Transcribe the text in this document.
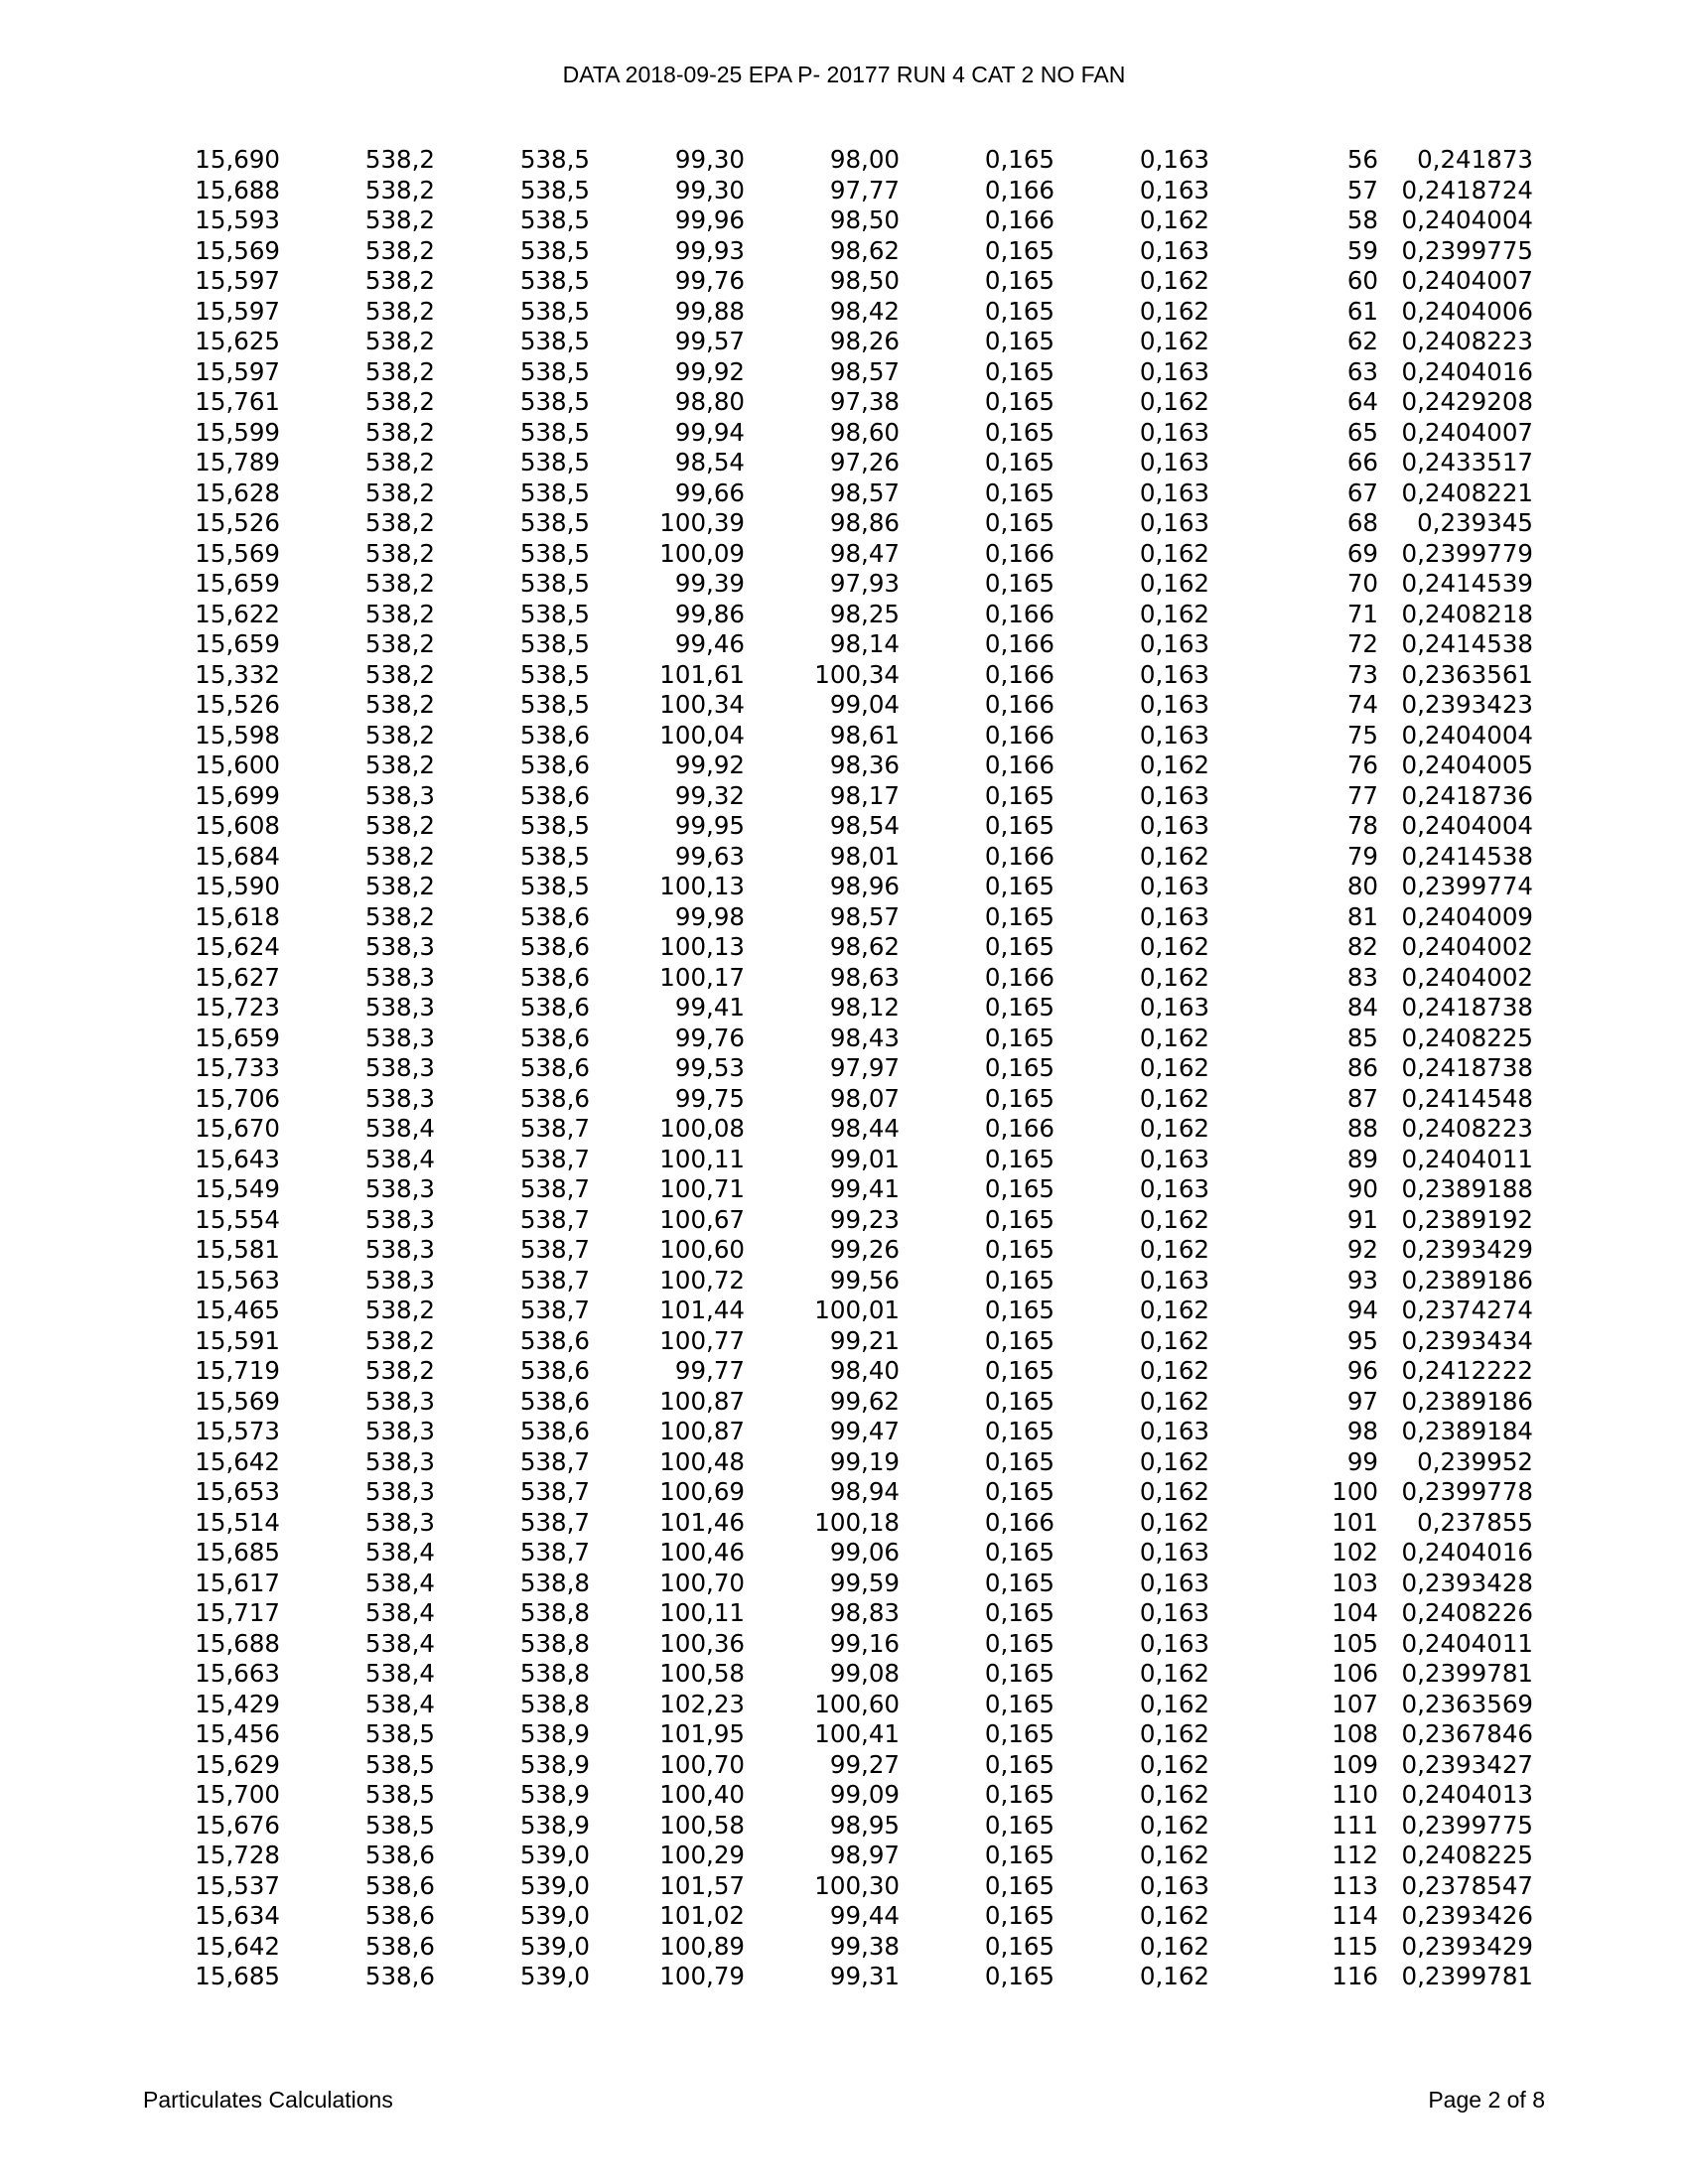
DATA 2018-09-25 EPA P- 20177 RUN 4 CAT 2 NO FAN
15,690	538,2	538,5	99,30	98,00	0,165	0,163	56	0,241873
15,688	538,2	538,5	99,30	97,77	0,166	0,163	57	0,2418724
15,593	538,2	538,5	99,96	98,50	0,166	0,162	58	0,2404004
15,569	538,2	538,5	99,93	98,62	0,165	0,163	59	0,2399775
15,597	538,2	538,5	99,76	98,50	0,165	0,162	60	0,2404007
15,597	538,2	538,5	99,88	98,42	0,165	0,162	61	0,2404006
15,625	538,2	538,5	99,57	98,26	0,165	0,162	62	0,2408223
15,597	538,2	538,5	99,92	98,57	0,165	0,163	63	0,2404016
15,761	538,2	538,5	98,80	97,38	0,165	0,162	64	0,2429208
15,599	538,2	538,5	99,94	98,60	0,165	0,163	65	0,2404007
15,789	538,2	538,5	98,54	97,26	0,165	0,163	66	0,2433517
15,628	538,2	538,5	99,66	98,57	0,165	0,163	67	0,2408221
15,526	538,2	538,5	100,39	98,86	0,165	0,163	68	0,239345
15,569	538,2	538,5	100,09	98,47	0,166	0,162	69	0,2399779
15,659	538,2	538,5	99,39	97,93	0,165	0,162	70	0,2414539
15,622	538,2	538,5	99,86	98,25	0,166	0,162	71	0,2408218
15,659	538,2	538,5	99,46	98,14	0,166	0,163	72	0,2414538
15,332	538,2	538,5	101,61	100,34	0,166	0,163	73	0,2363561
15,526	538,2	538,5	100,34	99,04	0,166	0,163	74	0,2393423
15,598	538,2	538,6	100,04	98,61	0,166	0,163	75	0,2404004
15,600	538,2	538,6	99,92	98,36	0,166	0,162	76	0,2404005
15,699	538,3	538,6	99,32	98,17	0,165	0,163	77	0,2418736
15,608	538,2	538,5	99,95	98,54	0,165	0,163	78	0,2404004
15,684	538,2	538,5	99,63	98,01	0,166	0,162	79	0,2414538
15,590	538,2	538,5	100,13	98,96	0,165	0,163	80	0,2399774
15,618	538,2	538,6	99,98	98,57	0,165	0,163	81	0,2404009
15,624	538,3	538,6	100,13	98,62	0,165	0,162	82	0,2404002
15,627	538,3	538,6	100,17	98,63	0,166	0,162	83	0,2404002
15,723	538,3	538,6	99,41	98,12	0,165	0,163	84	0,2418738
15,659	538,3	538,6	99,76	98,43	0,165	0,162	85	0,2408225
15,733	538,3	538,6	99,53	97,97	0,165	0,162	86	0,2418738
15,706	538,3	538,6	99,75	98,07	0,165	0,162	87	0,2414548
15,670	538,4	538,7	100,08	98,44	0,166	0,162	88	0,2408223
15,643	538,4	538,7	100,11	99,01	0,165	0,163	89	0,2404011
15,549	538,3	538,7	100,71	99,41	0,165	0,163	90	0,2389188
15,554	538,3	538,7	100,67	99,23	0,165	0,162	91	0,2389192
15,581	538,3	538,7	100,60	99,26	0,165	0,162	92	0,2393429
15,563	538,3	538,7	100,72	99,56	0,165	0,163	93	0,2389186
15,465	538,2	538,7	101,44	100,01	0,165	0,162	94	0,2374274
15,591	538,2	538,6	100,77	99,21	0,165	0,162	95	0,2393434
15,719	538,2	538,6	99,77	98,40	0,165	0,162	96	0,2412222
15,569	538,3	538,6	100,87	99,62	0,165	0,162	97	0,2389186
15,573	538,3	538,6	100,87	99,47	0,165	0,163	98	0,2389184
15,642	538,3	538,7	100,48	99,19	0,165	0,162	99	0,239952
15,653	538,3	538,7	100,69	98,94	0,165	0,162	100	0,2399778
15,514	538,3	538,7	101,46	100,18	0,166	0,162	101	0,237855
15,685	538,4	538,7	100,46	99,06	0,165	0,163	102	0,2404016
15,617	538,4	538,8	100,70	99,59	0,165	0,163	103	0,2393428
15,717	538,4	538,8	100,11	98,83	0,165	0,163	104	0,2408226
15,688	538,4	538,8	100,36	99,16	0,165	0,163	105	0,2404011
15,663	538,4	538,8	100,58	99,08	0,165	0,162	106	0,2399781
15,429	538,4	538,8	102,23	100,60	0,165	0,162	107	0,2363569
15,456	538,5	538,9	101,95	100,41	0,165	0,162	108	0,2367846
15,629	538,5	538,9	100,70	99,27	0,165	0,162	109	0,2393427
15,700	538,5	538,9	100,40	99,09	0,165	0,162	110	0,2404013
15,676	538,5	538,9	100,58	98,95	0,165	0,162	111	0,2399775
15,728	538,6	539,0	100,29	98,97	0,165	0,162	112	0,2408225
15,537	538,6	539,0	101,57	100,30	0,165	0,163	113	0,2378547
15,634	538,6	539,0	101,02	99,44	0,165	0,162	114	0,2393426
15,642	538,6	539,0	100,89	99,38	0,165	0,162	115	0,2393429
15,685	538,6	539,0	100,79	99,31	0,165	0,162	116	0,2399781
Particulates Calculations	Page 2 of 8
